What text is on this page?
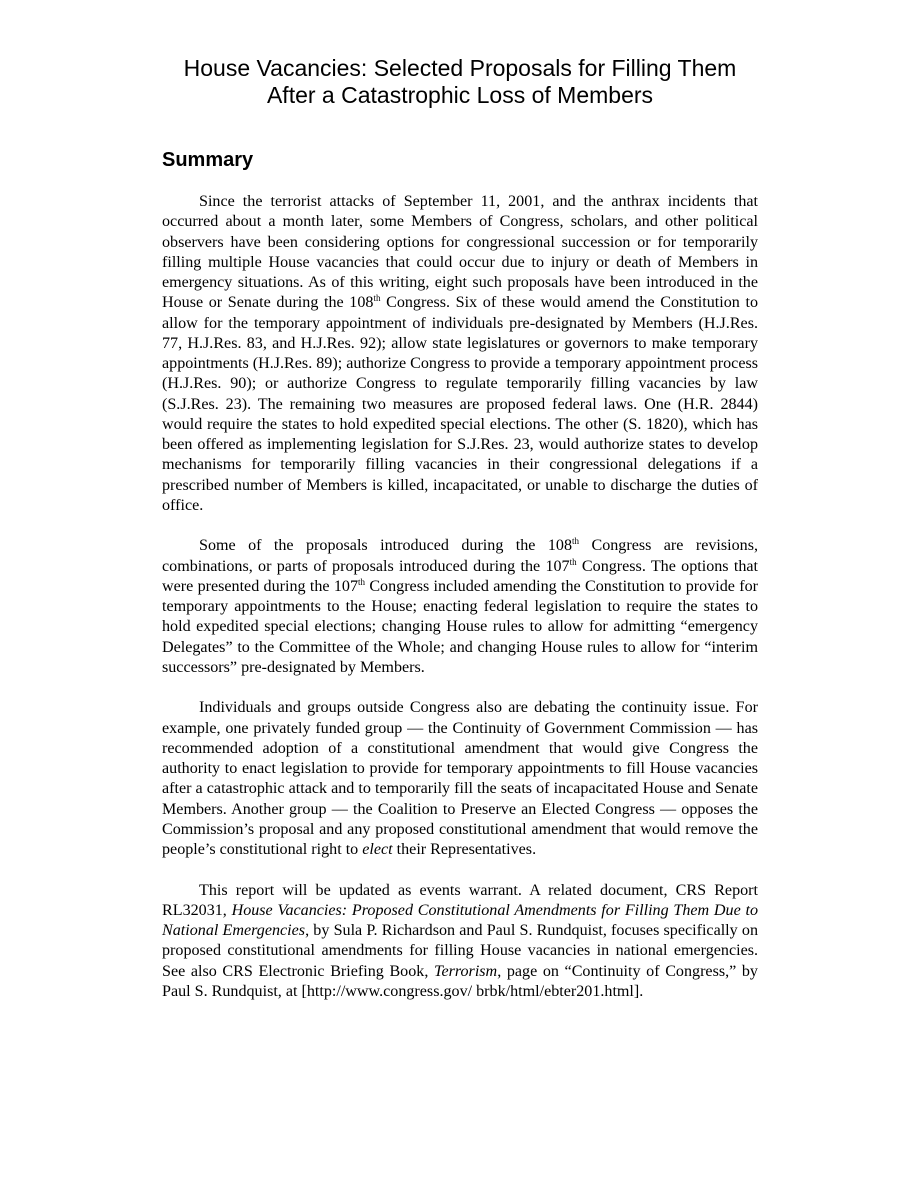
House Vacancies: Selected Proposals for Filling Them
After a Catastrophic Loss of Members
Summary

Since the terrorist attacks of September 11, 2001, and the anthrax incidents that occurred about a month later, some Members of Congress, scholars, and other political observers have been considering options for congressional succession or for temporarily filling multiple House vacancies that could occur due to injury or death of Members in emergency situations. As of this writing, eight such proposals have been introduced in the House or Senate during the 108th Congress. Six of these would amend the Constitution to allow for the temporary appointment of individuals pre-designated by Members (H.J.Res. 77, H.J.Res. 83, and H.J.Res. 92); allow state legislatures or governors to make temporary appointments (H.J.Res. 89); authorize Congress to provide a temporary appointment process (H.J.Res. 90); or authorize Congress to regulate temporarily filling vacancies by law (S.J.Res. 23). The remaining two measures are proposed federal laws. One (H.R. 2844) would require the states to hold expedited special elections. The other (S. 1820), which has been offered as implementing legislation for S.J.Res. 23, would authorize states to develop mechanisms for temporarily filling vacancies in their congressional delegations if a prescribed number of Members is killed, incapacitated, or unable to discharge the duties of office.

Some of the proposals introduced during the 108th Congress are revisions, combinations, or parts of proposals introduced during the 107th Congress. The options that were presented during the 107th Congress included amending the Constitution to provide for temporary appointments to the House; enacting federal legislation to require the states to hold expedited special elections; changing House rules to allow for admitting “emergency Delegates” to the Committee of the Whole; and changing House rules to allow for “interim successors” pre-designated by Members.

Individuals and groups outside Congress also are debating the continuity issue. For example, one privately funded group — the Continuity of Government Commission — has recommended adoption of a constitutional amendment that would give Congress the authority to enact legislation to provide for temporary appointments to fill House vacancies after a catastrophic attack and to temporarily fill the seats of incapacitated House and Senate Members. Another group — the Coalition to Preserve an Elected Congress — opposes the Commission’s proposal and any proposed constitutional amendment that would remove the people’s constitutional right to elect their Representatives.

This report will be updated as events warrant. A related document, CRS Report RL32031, House Vacancies: Proposed Constitutional Amendments for Filling Them Due to National Emergencies, by Sula P. Richardson and Paul S. Rundquist, focuses specifically on proposed constitutional amendments for filling House vacancies in national emergencies. See also CRS Electronic Briefing Book, Terrorism, page on “Continuity of Congress,” by Paul S. Rundquist, at [http://www.congress.gov/ brbk/html/ebter201.html].
